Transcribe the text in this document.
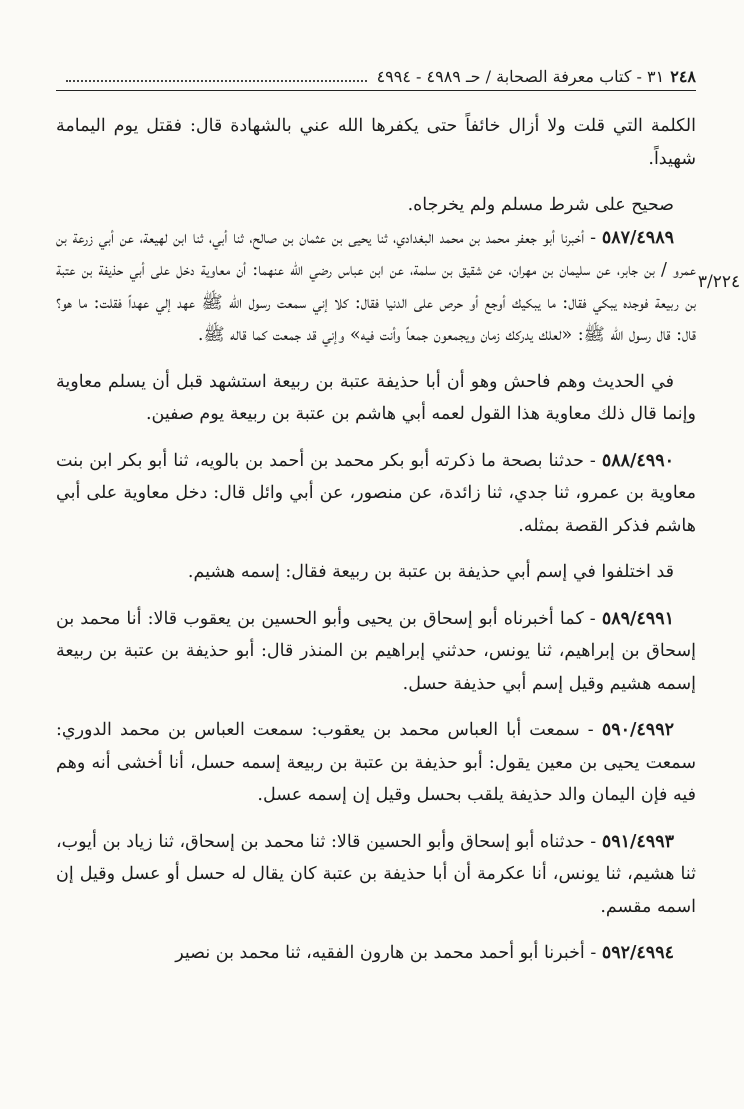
٢٤٨
٣١ - كتاب معرفة الصحابة / حـ ٤٩٨٩ - ٤٩٩٤
٣/٢٢٤

الكلمة التي قلت ولا أزال خائفاً حتى يكفرها الله عني بالشهادة قال: فقتل يوم اليمامة شهيداً.

صحيح على شرط مسلم ولم يخرجاه.

٥٨٧/٤٩٨٩ - أخبرنا أبو جعفر محمد بن محمد البغدادي، ثنا يحيى بن عثمان بن صالح، ثنا أبي، ثنا ابن لهيعة، عن أبي زرعة بن عمرو / بن جابر، عن سليمان بن مهران، عن شقيق بن سلمة، عن ابن عباس رضي الله عنهما: أن معاوية دخل على أبي حذيفة بن عتبة بن ربيعة فوجده يبكي فقال: ما يبكيك أوجع أو حرص على الدنيا فقال: كلا إني سمعت رسول الله ﷺ عهد إلي عهداً فقلت: ما هو؟ قال: قال رسول الله ﷺ: «لعلك يدركك زمان ويجمعون جمعاً وأنت فيه» وإني قد جمعت كما قاله ﷺ.

في الحديث وهم فاحش وهو أن أبا حذيفة عتبة بن ربيعة استشهد قبل أن يسلم معاوية وإنما قال ذلك معاوية هذا القول لعمه أبي هاشم بن عتبة بن ربيعة يوم صفين.

٥٨٨/٤٩٩٠ - حدثنا بصحة ما ذكرته أبو بكر محمد بن أحمد بن بالويه، ثنا أبو بكر ابن بنت معاوية بن عمرو، ثنا جدي، ثنا زائدة، عن منصور، عن أبي وائل قال: دخل معاوية على أبي هاشم فذكر القصة بمثله.

قد اختلفوا في إسم أبي حذيفة بن عتبة بن ربيعة فقال: إسمه هشيم.

٥٨٩/٤٩٩١ - كما أخبرناه أبو إسحاق بن يحيى وأبو الحسين بن يعقوب قالا: أنا محمد بن إسحاق بن إبراهيم، ثنا يونس، حدثني إبراهيم بن المنذر قال: أبو حذيفة بن عتبة بن ربيعة إسمه هشيم وقيل إسم أبي حذيفة حسل.

٥٩٠/٤٩٩٢ - سمعت أبا العباس محمد بن يعقوب: سمعت العباس بن محمد الدوري: سمعت يحيى بن معين يقول: أبو حذيفة بن عتبة بن ربيعة إسمه حسل، أنا أخشى أنه وهم فيه فإن اليمان والد حذيفة يلقب بحسل وقيل إن إسمه عسل.

٥٩١/٤٩٩٣ - حدثناه أبو إسحاق وأبو الحسين قالا: ثنا محمد بن إسحاق، ثنا زياد بن أيوب، ثنا هشيم، ثنا يونس، أنا عكرمة أن أبا حذيفة بن عتبة كان يقال له حسل أو عسل وقيل إن اسمه مقسم.

٥٩٢/٤٩٩٤ - أخبرنا أبو أحمد محمد بن هارون الفقيه، ثنا محمد بن نصير
